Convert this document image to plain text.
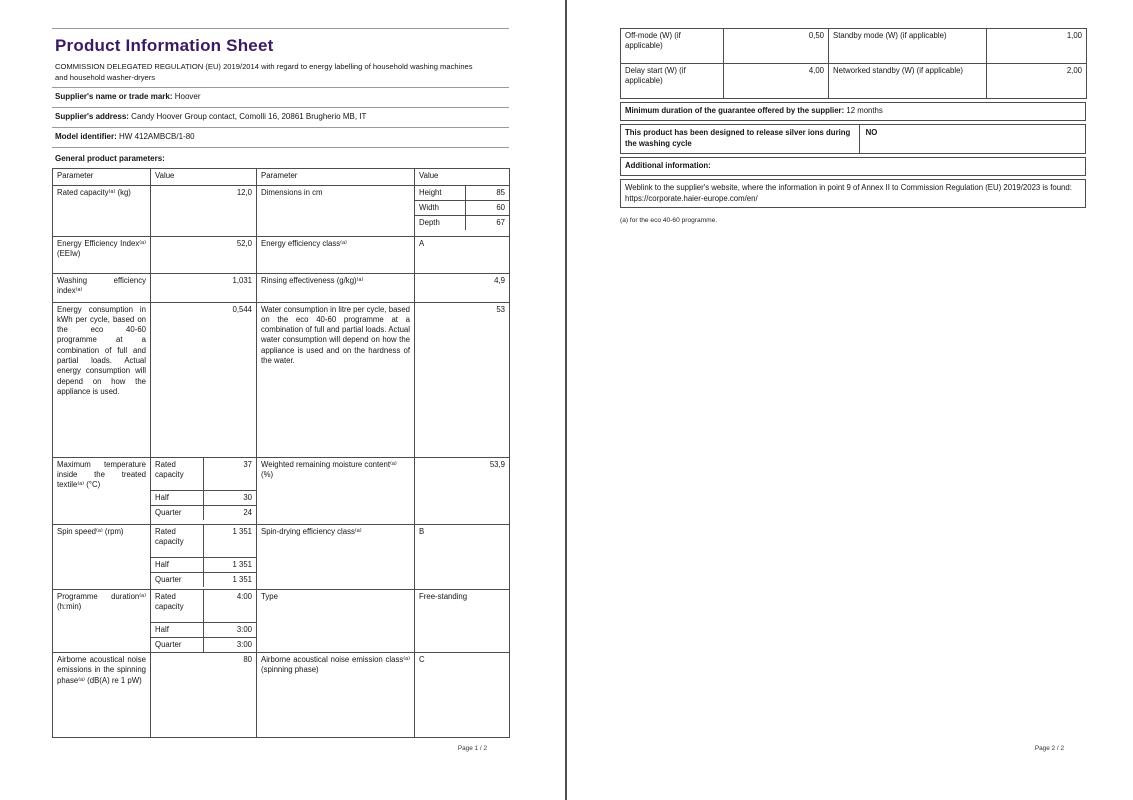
Product Information Sheet
COMMISSION DELEGATED REGULATION (EU) 2019/2014 with regard to energy labelling of household washing machines and household washer-dryers
Supplier's name or trade mark: Hoover
Supplier's address: Candy Hoover Group contact, Comolli 16, 20861 Brugherio MB, IT
Model identifier: HW 412AMBCB/1-80
General product parameters:
Parameter	Value	Parameter	Value
Rated capacity⁽ᵃ⁾ (kg)	12,0	Dimensions in cm		Height	85
Width	60
Depth	67

Energy Efficiency Index⁽ᵃ⁾ (EEIw)	52,0	Energy efficiency class⁽ᵃ⁾	A
Washing efficiency index⁽ᵃ⁾	1,031	Rinsing effectiveness (g/kg)⁽ᵃ⁾	4,9
Energy consumption in kWh per cycle, based on the eco 40-60 programme at a combination of full and partial loads. Actual energy consumption will depend on how the appliance is used.	0,544	Water consumption in litre per cycle, based on the eco 40-60 programme at a combination of full and partial loads. Actual water consumption will depend on how the appliance is used and on the hardness of the water.	53
Maximum temperature inside the treated textile⁽ᵃ⁾ (°C)	
Rated capacity	37
Half	30
Quarter	24
	Weighted remaining moisture content⁽ᵃ⁾ (%)	53,9
Spin speed⁽ᵃ⁾ (rpm)		Rated capacity	1 351
Half	1 351
Quarter	1 351
	Spin-drying efficiency class⁽ᵃ⁾	B
Programme duration⁽ᵃ⁾ (h:min)	
Rated capacity	4:00
Half	3:00
Quarter	3:00
	Type	Free-standing
Airborne acoustical noise emissions in the spinning phase⁽ᵃ⁾ (dB(A) re 1 pW)	80	Airborne acoustical noise emission class⁽ᵃ⁾ (spinning phase)	C
Page 1 / 2
Off-mode (W) (if applicable)	0,50	Standby mode (W) (if applicable)	1,00
Delay start (W) (if applicable)	4,00	Networked standby (W) (if applicable)	2,00
Minimum duration of the guarantee offered by the supplier: 12 months
This product has been designed to release silver ions during the washing cycle
NO
Additional information:
Weblink to the supplier's website, where the information in point 9 of Annex II to Commission Regulation (EU) 2019/2023 is found: https://corporate.haier-europe.com/en/
(a) for the eco 40-60 programme.
Page 2 / 2
